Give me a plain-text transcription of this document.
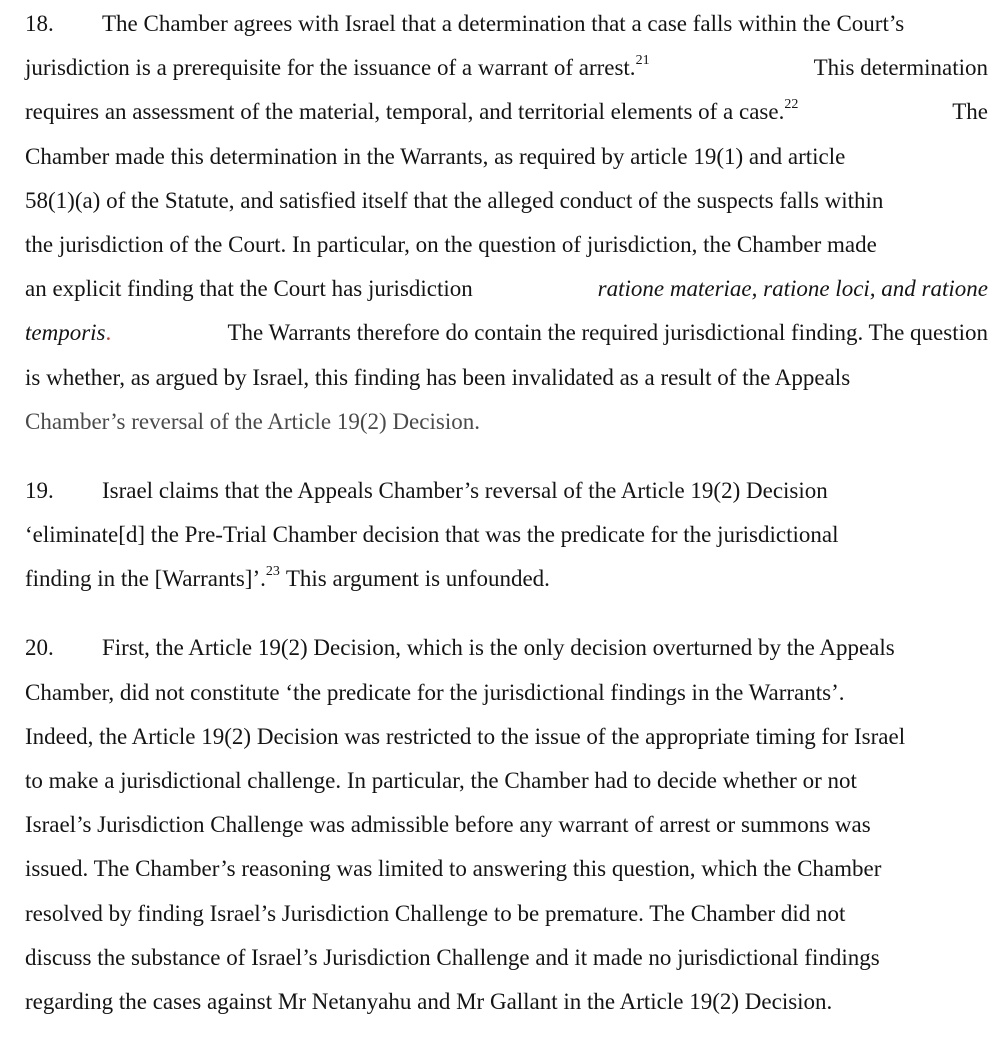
18.	The Chamber agrees with Israel that a determination that a case falls within the Court’s
jurisdiction is a prerequisite for the issuance of a warrant of arrest.$^{21}$	This determination
requires an assessment of the material, temporal, and territorial elements of a case.$^{22}$	The
Chamber made this determination in the Warrants, as required by article 19(1) and article
58(1)(a) of the Statute, and satisfied itself that the alleged conduct of the suspects falls within
the jurisdiction of the Court. In particular, on the question of jurisdiction, the Chamber made
an explicit finding that the Court has jurisdiction	ratione materiae, ratione loci, and ratione
temporis.	The Warrants therefore do contain the required jurisdictional finding. The question
is whether, as argued by Israel, this finding has been invalidated as a result of the Appeals
Chamber’s reversal of the Article 19(2) Decision.
19.	Israel claims that the Appeals Chamber’s reversal of the Article 19(2) Decision
‘eliminate[d] the Pre-Trial Chamber decision that was the predicate for the jurisdictional
finding in the [Warrants]’.$^{23}$ This argument is unfounded.
20.	First, the Article 19(2) Decision, which is the only decision overturned by the Appeals
Chamber, did not constitute ‘the predicate for the jurisdictional findings in the Warrants’.
Indeed, the Article 19(2) Decision was restricted to the issue of the appropriate timing for Israel
to make a jurisdictional challenge. In particular, the Chamber had to decide whether or not
Israel’s Jurisdiction Challenge was admissible before any warrant of arrest or summons was
issued. The Chamber’s reasoning was limited to answering this question, which the Chamber
resolved by finding Israel’s Jurisdiction Challenge to be premature. The Chamber did not
discuss the substance of Israel’s Jurisdiction Challenge and it made no jurisdictional findings
regarding the cases against Mr Netanyahu and Mr Gallant in the Article 19(2) Decision.
